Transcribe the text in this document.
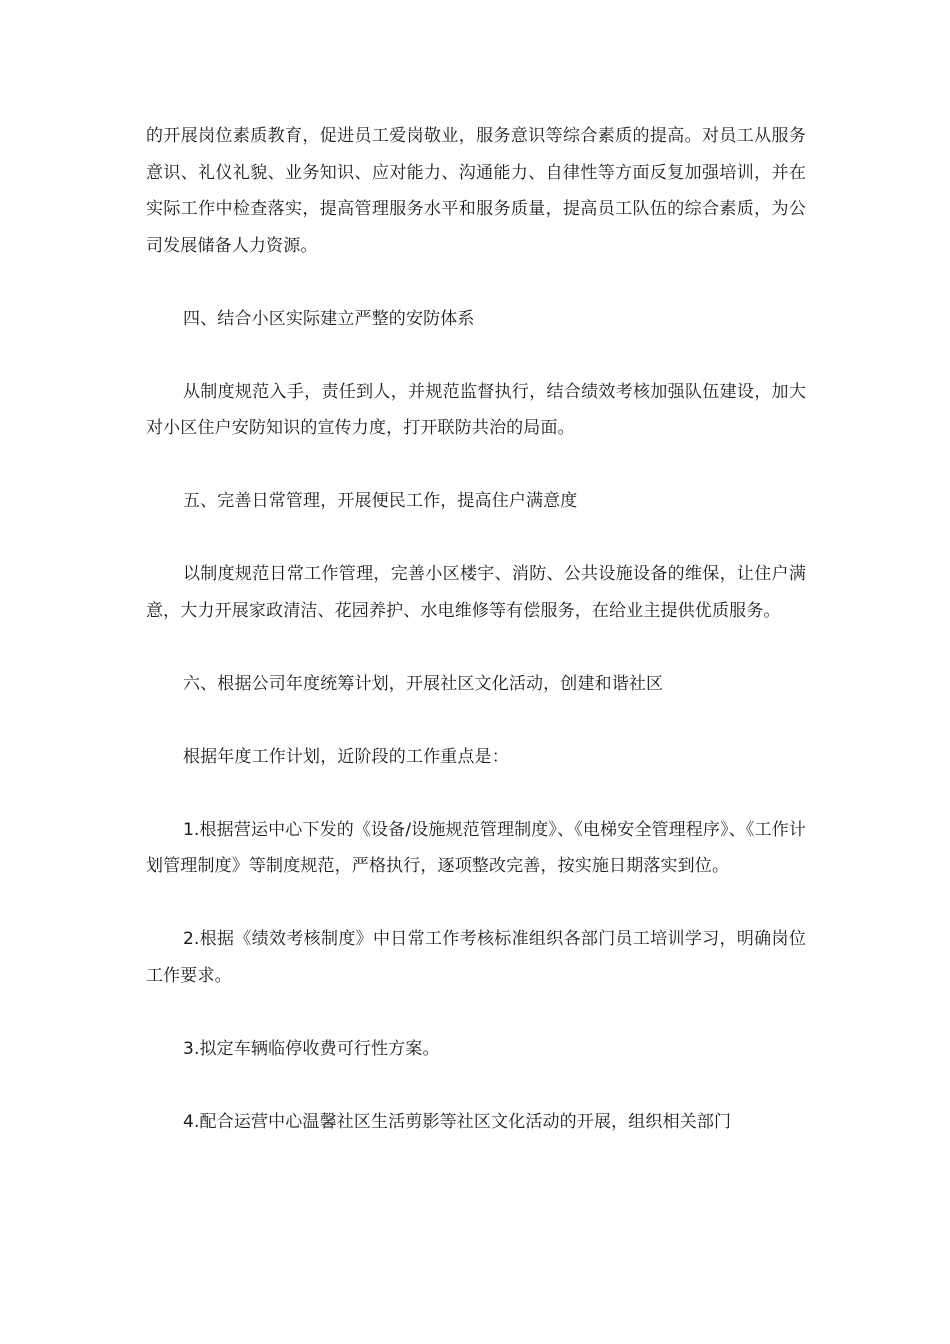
的开展岗位素质教育，促进员工爱岗敬业，服务意识等综合素质的提高。对员工从服务意识、礼仪礼貌、业务知识、应对能力、沟通能力、自律性等方面反复加强培训，并在实际工作中检查落实，提高管理服务水平和服务质量，提高员工队伍的综合素质，为公司发展储备人力资源。

四、结合小区实际建立严整的安防体系

从制度规范入手，责任到人，并规范监督执行，结合绩效考核加强队伍建设，加大对小区住户安防知识的宣传力度，打开联防共治的局面。

五、完善日常管理，开展便民工作，提高住户满意度

以制度规范日常工作管理，完善小区楼宇、消防、公共设施设备的维保，让住户满意，大力开展家政清洁、花园养护、水电维修等有偿服务，在给业主提供优质服务。

六、根据公司年度统筹计划，开展社区文化活动，创建和谐社区

根据年度工作计划，近阶段的工作重点是：

1.根据营运中心下发的《设备/设施规范管理制度》、《电梯安全管理程序》、《工作计划管理制度》等制度规范，严格执行，逐项整改完善，按实施日期落实到位。

2.根据《绩效考核制度》中日常工作考核标准组织各部门员工培训学习，明确岗位工作要求。

3.拟定车辆临停收费可行性方案。

4.配合运营中心温馨社区生活剪影等社区文化活动的开展，组织相关部门
